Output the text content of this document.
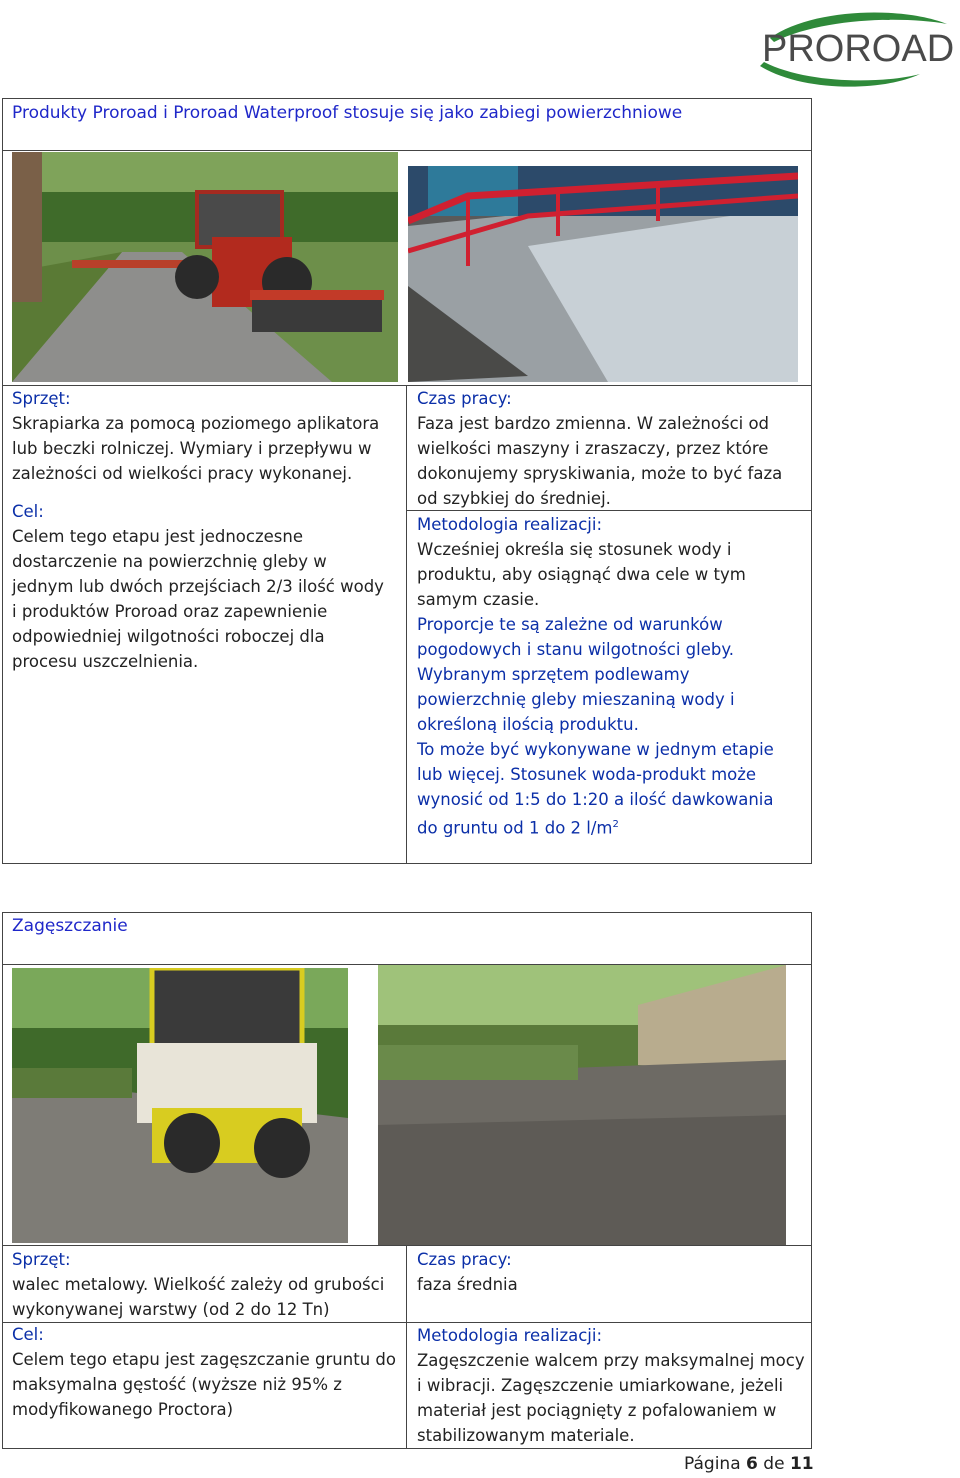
PROROAD
Produkty Proroad i Proroad Waterproof stosuje się jako zabiegi powierzchniowe
Sprzęt:
Skrapiarka za pomocą poziomego aplikatora
lub beczki rolniczej. Wymiary i przepływu w
zależności od wielkości pracy wykonanej.
Cel:
Celem tego etapu jest jednoczesne
dostarczenie na powierzchnię gleby w
jednym lub dwóch przejściach 2/3 ilość wody
i produktów Proroad oraz zapewnienie
odpowiedniej wilgotności roboczej dla
procesu uszczelnienia.
Czas pracy:
Faza jest bardzo zmienna. W zależności od
wielkości maszyny i zraszaczy, przez które
dokonujemy spryskiwania, może to być faza
od szybkiej do średniej.
Metodologia realizacji:
Wcześniej określa się stosunek wody i
produktu, aby osiągnąć dwa cele w tym
samym czasie.
Proporcje te są zależne od warunków
pogodowych i stanu wilgotności gleby.
Wybranym sprzętem podlewamy
powierzchnię gleby mieszaniną wody i
określoną ilością produktu.
To może być wykonywane w jednym etapie
lub więcej. Stosunek woda-produkt może
wynosić od 1:5 do 1:20 a ilość dawkowania
do gruntu od 1 do 2 $l/m^2$
Zagęszczanie
Sprzęt:
walec metalowy. Wielkość zależy od grubości
wykonywanej warstwy (od 2 do 12 Tn)
Cel:
Celem tego etapu jest zagęszczanie gruntu do
maksymalna gęstość (wyższe niż 95% z
modyfikowanego Proctora)
Czas pracy:
faza średnia
Metodologia realizacji:
Zagęszczenie walcem przy maksymalnej mocy
i wibracji. Zagęszczenie umiarkowane, jeżeli
materiał jest pociągnięty z pofalowaniem w
stabilizowanym materiale.
Página 6 de 11
